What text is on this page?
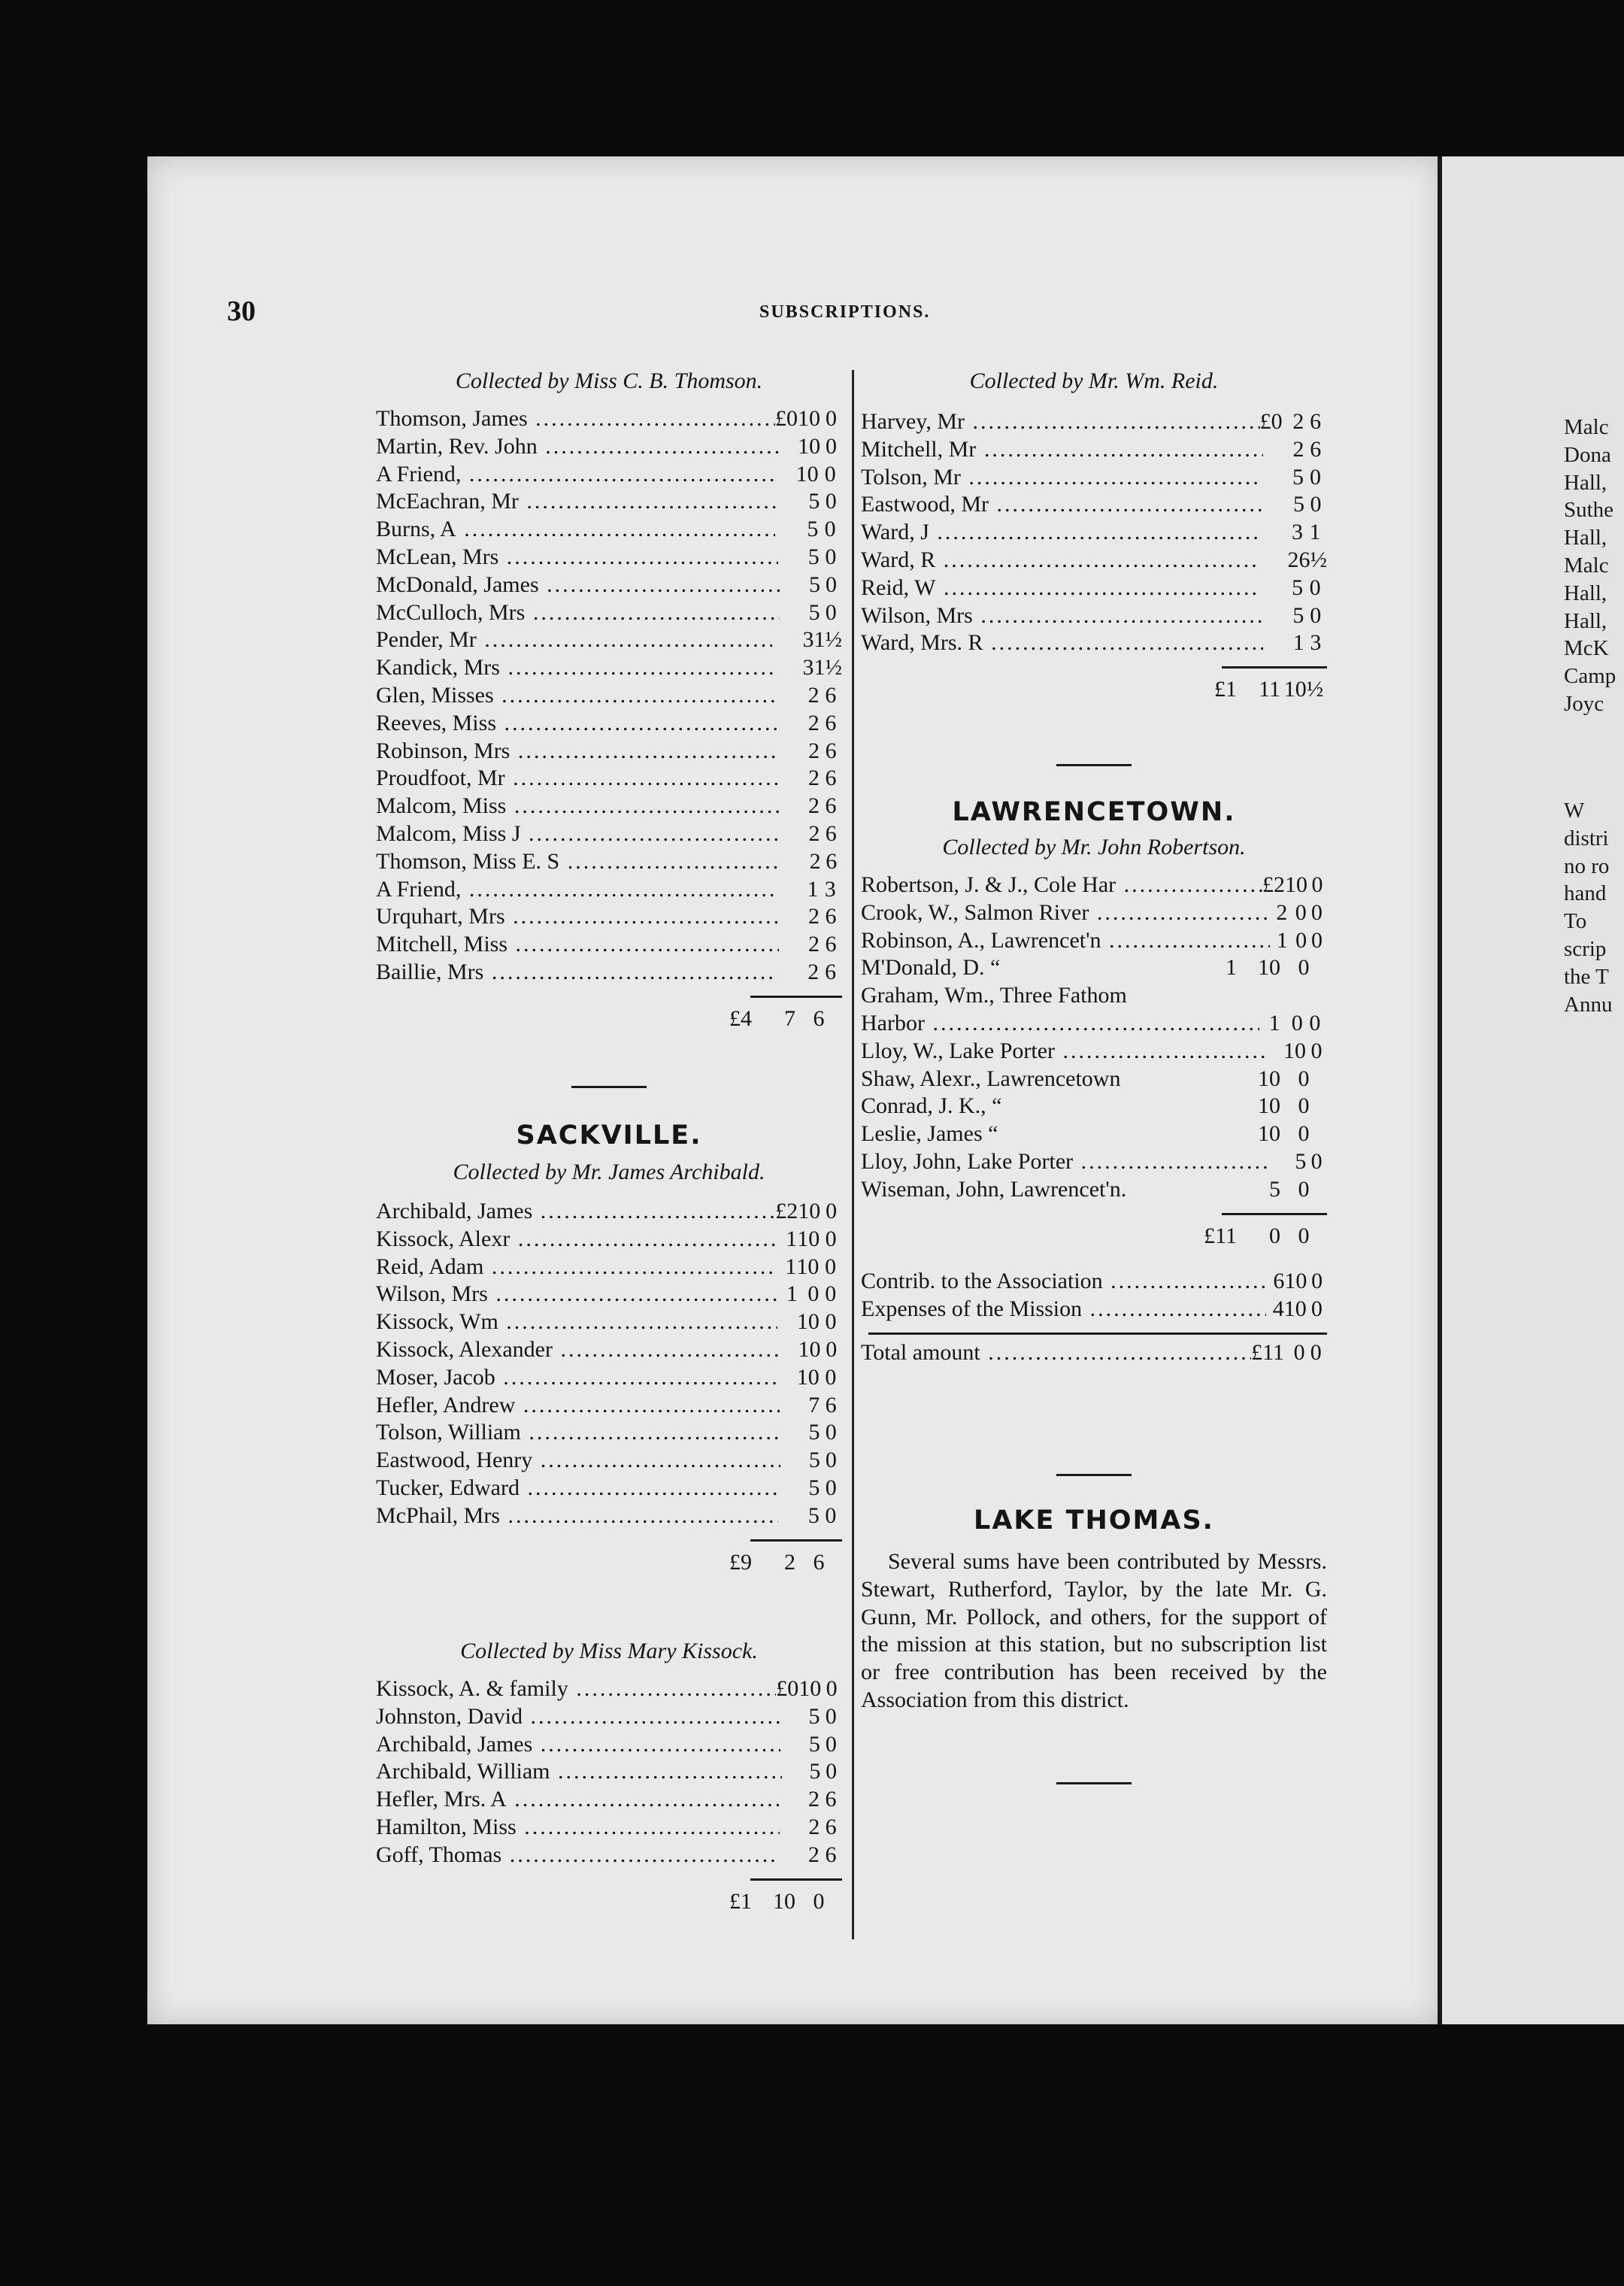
Malc
Dona
Hall,
Suthe
Hall,
Malc
Hall,
Hall,
McK
Camp
Joyc
W
distri
no ro
hand
To
scrip
the T
Annu
30	SUBSCRIPTIONS.
Collected by Miss C. B. Thomson.
Thomson, James .....	£0 10 0
Martin, Rev. John .....	10 0
A Friend, .....	10 0
McEachran, Mr .....	5 0
Burns, A .....	5 0
McLean, Mrs .....	5 0
McDonald, James .....	5 0
McCulloch, Mrs .....	5 0
Pender, Mr .....	3 1½
Kandick, Mrs .....	3 1½
Glen, Misses .....	2 6
Reeves, Miss .....	2 6
Robinson, Mrs .....	2 6
Proudfoot, Mr .....	2 6
Malcom, Miss .....	2 6
Malcom, Miss J .....	2 6
Thomson, Miss E. S .....	2 6
A Friend, .....	1 3
Urquhart, Mrs .....	2 6
Mitchell, Miss .....	2 6
Baillie, Mrs .....	2 6
£4	7 6
SACKVILLE.
Collected by Mr. James Archibald.
Archibald, James .....	£2 10 0
Kissock, Alexr .....	1 10 0
Reid, Adam .....	1 10 0
Wilson, Mrs .....	1 0 0
Kissock, Wm .....	10 0
Kissock, Alexander .....	10 0
Moser, Jacob .....	10 0
Hefler, Andrew .....	7 6
Tolson, William .....	5 0
Eastwood, Henry .....	5 0
Tucker, Edward .....	5 0
McPhail, Mrs .....	5 0
£9	2 6
Collected by Miss Mary Kissock.
Kissock, A. & family .....	£0 10 0
Johnston, David .....	5 0
Archibald, James .....	5 0
Archibald, William .....	5 0
Hefler, Mrs. A .....	2 6
Hamilton, Miss .....	2 6
Goff, Thomas .....	2 6
£1 10 0
Collected by Mr. Wm. Reid.
Harvey, Mr .....	£0 2 6
Mitchell, Mr .....	2 6
Tolson, Mr .....	5 0
Eastwood, Mr .....	5 0
Ward, J .....	3 1
Ward, R .....	2 6½
Reid, W .....	5 0
Wilson, Mrs .....	5 0
Ward, Mrs. R .....	1 3
£1 11 10½
LAWRENCETOWN.
Collected by Mr. John Robertson.
Robertson, J. & J., Cole Har .....	£2 10 0
Crook, W., Salmon River .....	2 0 0
Robinson, A., Lawrencet'n .....	1 0 0
M'Donald, D. “	1 10 0
Graham, Wm., Three Fathom
Harbor .....	1 0 0
Lloy, W., Lake Porter .....	10 0
Shaw, Alexr., Lawrencetown	10 0
Conrad, J. K., “	10 0
Leslie, James “	10 0
Lloy, John, Lake Porter .....	5 0
Wiseman, John, Lawrencet'n.	5 0
£11	0 0
Contrib. to the Association .....	6 10 0
Expenses of the Mission .....	4 10 0
Total amount .....	£11 0 0
LAKE THOMAS.
Several sums have been contributed by Messrs. Stewart, Rutherford, Taylor, by the late Mr. G. Gunn, Mr. Pollock, and others, for the support of the mission at this station, but no subscription list or free contribution has been received by the Association from this district.
